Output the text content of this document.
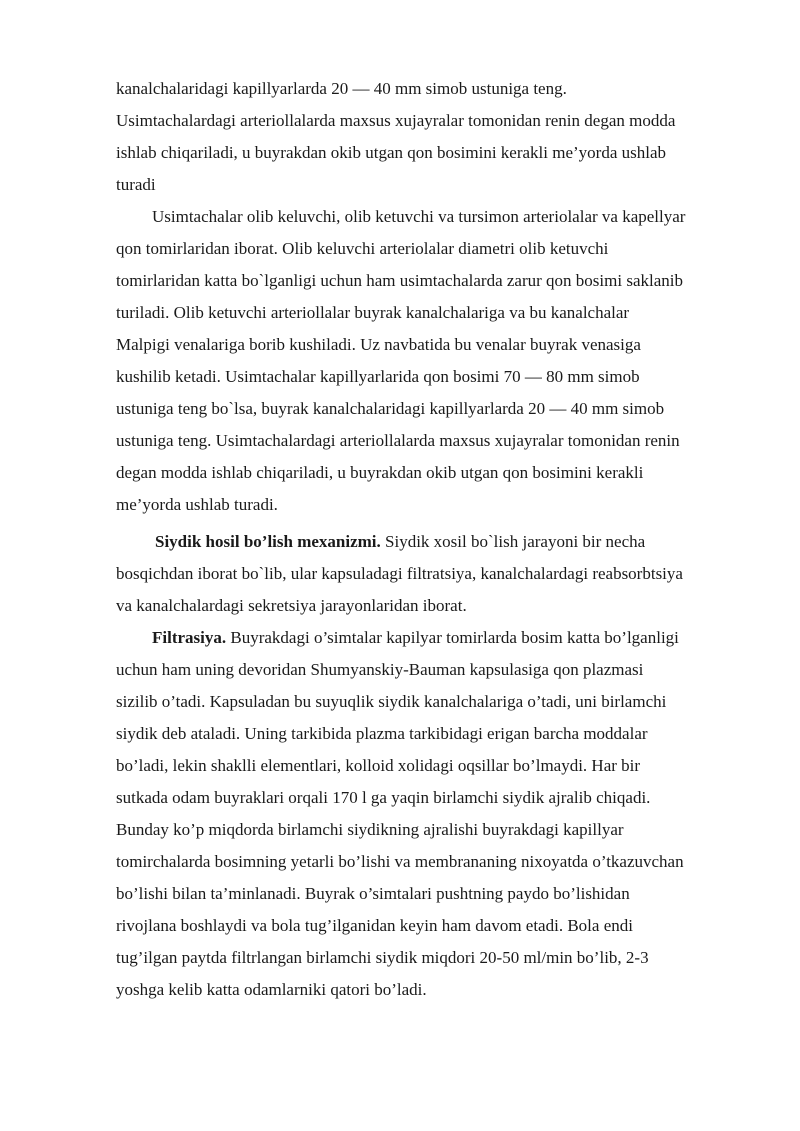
kanalchalaridagi kapillyarlarda 20 — 40 mm simob ustuniga teng.
Usimtachalardagi arteriollalarda maxsus xujayralar tomonidan renin degan modda
ishlab chiqariladi, u buyrakdan okib utgan qon bosimini kerakli me’yorda ushlab
turadi
Usimtachalar olib keluvchi, olib ketuvchi va tursimon arteriolalar va kapellyar
qon tomirlaridan iborat. Olib keluvchi arteriolalar diametri olib ketuvchi
tomirlaridan katta bo`lganligi uchun ham usimtachalarda zarur qon bosimi saklanib
turiladi. Olib ketuvchi arteriollalar buyrak kanalchalariga va bu kanalchalar
Malpigi venalariga borib kushiladi. Uz navbatida bu venalar buyrak venasiga
kushilib ketadi. Usimtachalar kapillyarlarida qon bosimi 70 — 80 mm simob
ustuniga teng bo`lsa, buyrak kanalchalaridagi kapillyarlarda 20 — 40 mm simob
ustuniga teng. Usimtachalardagi arteriollalarda maxsus xujayralar tomonidan renin
degan modda ishlab chiqariladi, u buyrakdan okib utgan qon bosimini kerakli
me’yorda ushlab turadi.
Siydik hosil bo’lish mexanizmi. Siydik xosil bo`lish jarayoni bir necha
bosqichdan iborat bo`lib, ular kapsuladagi filtratsiya, kanalchalardagi reabsorbtsiya
va kanalchalardagi sekretsiya jarayonlaridan iborat.
Filtrasiya. Buyrakdagi o’simtalar kapilyar tomirlarda bosim katta bo’lganligi
uchun ham uning devoridan Shumyanskiy-Bauman kapsulasiga qon plazmasi
sizilib o’tadi. Kapsuladan bu suyuqlik siydik kanalchalariga o’tadi, uni birlamchi
siydik deb ataladi. Uning tarkibida plazma tarkibidagi erigan barcha moddalar
bo’ladi, lekin shaklli elementlari, kolloid xolidagi oqsillar bo’lmaydi. Har bir
sutkada odam buyraklari orqali 170 l ga yaqin birlamchi siydik ajralib chiqadi.
Bunday ko’p miqdorda birlamchi siydikning ajralishi buyrakdagi kapillyar
tomirchalarda bosimning yetarli bo’lishi va membrananing nixoyatda o’tkazuvchan
bo’lishi bilan ta’minlanadi. Buyrak o’simtalari pushtning paydo bo’lishidan
rivojlana boshlaydi va bola tug’ilganidan keyin ham davom etadi. Bola endi
tug’ilgan paytda filtrlangan birlamchi siydik miqdori 20-50 ml/min bo’lib, 2-3
yoshga kelib katta odamlarniki qatori bo’ladi.
